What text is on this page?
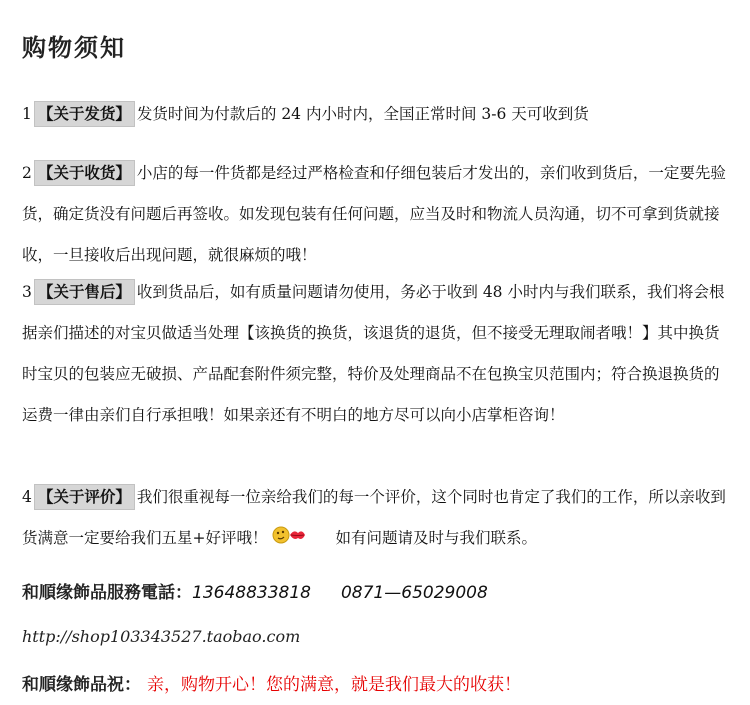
购物须知
1 【关于发货】 发货时间为付款后的 24 内小时内，全国正常时间 3-6 天可收到货
2 【关于收货】 小店的每一件货都是经过严格检查和仔细包装后才发出的，亲们收到货后，一定要先验货，确定货没有问题后再签收。如发现包装有任何问题，应当及时和物流人员沟通，切不可拿到货就接收，一旦接收后出现问题，就很麻烦的哦！
3 【关于售后】 收到货品后，如有质量问题请勿使用，务必于收到 48 小时内与我们联系，我们将会根据亲们描述的对宝贝做适当处理【该换货的换货，该退货的退货，但不接受无理取闹者哦！】其中换货时宝贝的包装应无破损、产品配套附件须完整，特价及处理商品不在包换宝贝范围内；符合换退换货的运费一律由亲们自行承担哦！如果亲还有不明白的地方尽可以向小店掌柜咨询！
4 【关于评价】 我们很重视每一位亲给我们的每一个评价，这个同时也肯定了我们的工作，所以亲收到货满意一定要给我们五星+好评哦！	如有问题请及时与我们联系。
和順缘飾品服務電話：13648833818 0871—65029008
http://shop103343527.taobao.com
和順缘飾品祝： 亲，购物开心！您的满意，就是我们最大的收获！
